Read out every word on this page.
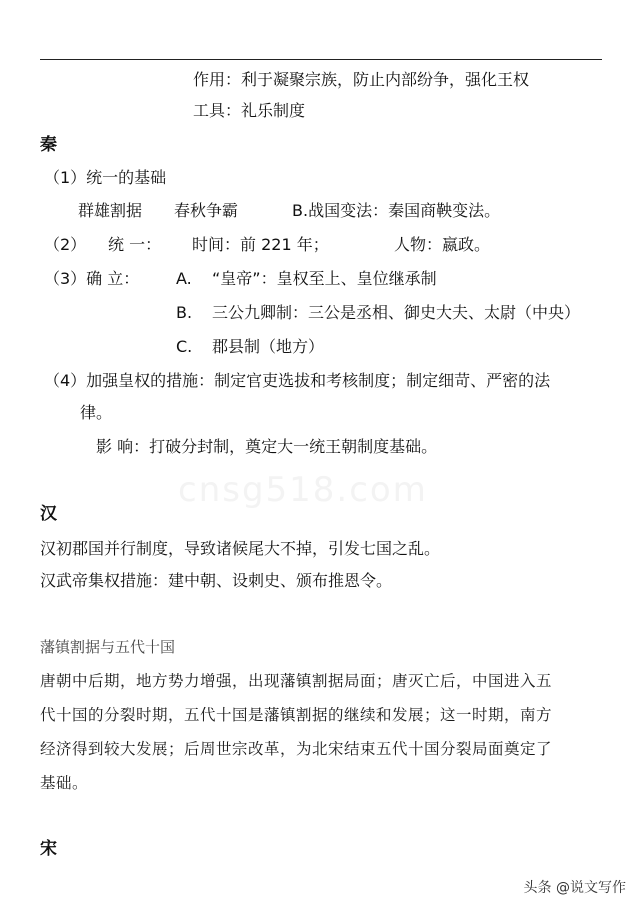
作用：利于凝聚宗族，防止内部纷争，强化王权
工具：礼乐制度
秦
（1）统一的基础
群雄割据 春秋争霸	B.战国变法：秦国商鞅变法。
（2） 统 一： 时间：前 221 年；	人物：嬴政。
（3）确 立： A. “皇帝”：皇权至上、皇位继承制
B. 三公九卿制：三公是丞相、御史大夫、太尉（中央）
C. 郡县制（地方）
（4）加强皇权的措施：制定官吏选拔和考核制度；制定细苛、严密的法
律。
影 响：打破分封制，奠定大一统王朝制度基础。
cnsg518.com
汉
汉初郡国并行制度，导致诸候尾大不掉，引发七国之乱。
汉武帝集权措施：建中朝、设刺史、颁布推恩令。
藩镇割据与五代十国
唐朝中后期，地方势力增强，出现藩镇割据局面；唐灭亡后，中国进入五
代十国的分裂时期，五代十国是藩镇割据的继续和发展；这一时期，南方
经济得到较大发展；后周世宗改革，为北宋结束五代十国分裂局面奠定了
基础。
宋
头条 @说文写作
